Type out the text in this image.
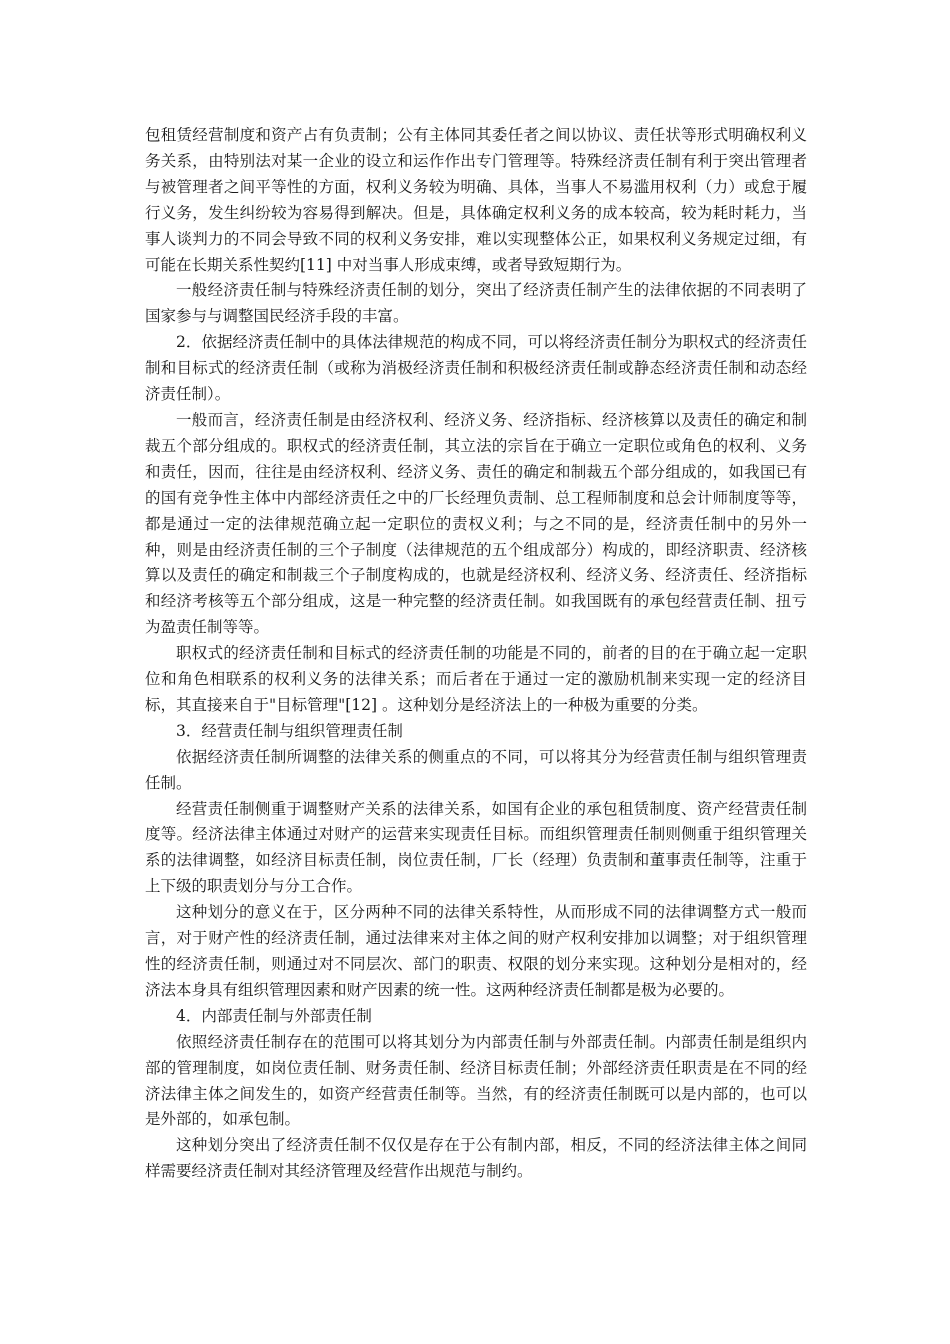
包租赁经营制度和资产占有负责制；公有主体同其委任者之间以协议、责任状等形式明确权利义务关系，由特别法对某一企业的设立和运作作出专门管理等。特殊经济责任制有利于突出管理者与被管理者之间平等性的方面，权利义务较为明确、具体，当事人不易滥用权利（力）或怠于履行义务，发生纠纷较为容易得到解决。但是，具体确定权利义务的成本较高，较为耗时耗力，当事人谈判力的不同会导致不同的权利义务安排，难以实现整体公正，如果权利义务规定过细，有可能在长期关系性契约[11] 中对当事人形成束缚，或者导致短期行为。

一般经济责任制与特殊经济责任制的划分，突出了经济责任制产生的法律依据的不同表明了国家参与与调整国民经济手段的丰富。

2．依据经济责任制中的具体法律规范的构成不同，可以将经济责任制分为职权式的经济责任制和目标式的经济责任制（或称为消极经济责任制和积极经济责任制或静态经济责任制和动态经济责任制）。

一般而言，经济责任制是由经济权利、经济义务、经济指标、经济核算以及责任的确定和制裁五个部分组成的。职权式的经济责任制，其立法的宗旨在于确立一定职位或角色的权利、义务和责任，因而，往往是由经济权利、经济义务、责任的确定和制裁五个部分组成的，如我国已有的国有竞争性主体中内部经济责任之中的厂长经理负责制、总工程师制度和总会计师制度等等，都是通过一定的法律规范确立起一定职位的责权义利；与之不同的是，经济责任制中的另外一种，则是由经济责任制的三个子制度（法律规范的五个组成部分）构成的，即经济职责、经济核算以及责任的确定和制裁三个子制度构成的，也就是经济权利、经济义务、经济责任、经济指标和经济考核等五个部分组成，这是一种完整的经济责任制。如我国既有的承包经营责任制、扭亏为盈责任制等等。

职权式的经济责任制和目标式的经济责任制的功能是不同的，前者的目的在于确立起一定职位和角色相联系的权利义务的法律关系；而后者在于通过一定的激励机制来实现一定的经济目标，其直接来自于"目标管理"[12] 。这种划分是经济法上的一种极为重要的分类。

3．经营责任制与组织管理责任制

依据经济责任制所调整的法律关系的侧重点的不同，可以将其分为经营责任制与组织管理责任制。

经营责任制侧重于调整财产关系的法律关系，如国有企业的承包租赁制度、资产经营责任制度等。经济法律主体通过对财产的运营来实现责任目标。而组织管理责任制则侧重于组织管理关系的法律调整，如经济目标责任制，岗位责任制，厂长（经理）负责制和董事责任制等，注重于上下级的职责划分与分工合作。

这种划分的意义在于，区分两种不同的法律关系特性，从而形成不同的法律调整方式一般而言，对于财产性的经济责任制，通过法律来对主体之间的财产权利安排加以调整；对于组织管理性的经济责任制，则通过对不同层次、部门的职责、权限的划分来实现。这种划分是相对的，经济法本身具有组织管理因素和财产因素的统一性。这两种经济责任制都是极为必要的。

4．内部责任制与外部责任制

依照经济责任制存在的范围可以将其划分为内部责任制与外部责任制。内部责任制是组织内部的管理制度，如岗位责任制、财务责任制、经济目标责任制；外部经济责任职责是在不同的经济法律主体之间发生的，如资产经营责任制等。当然，有的经济责任制既可以是内部的，也可以是外部的，如承包制。

这种划分突出了经济责任制不仅仅是存在于公有制内部，相反，不同的经济法律主体之间同样需要经济责任制对其经济管理及经营作出规范与制约。
